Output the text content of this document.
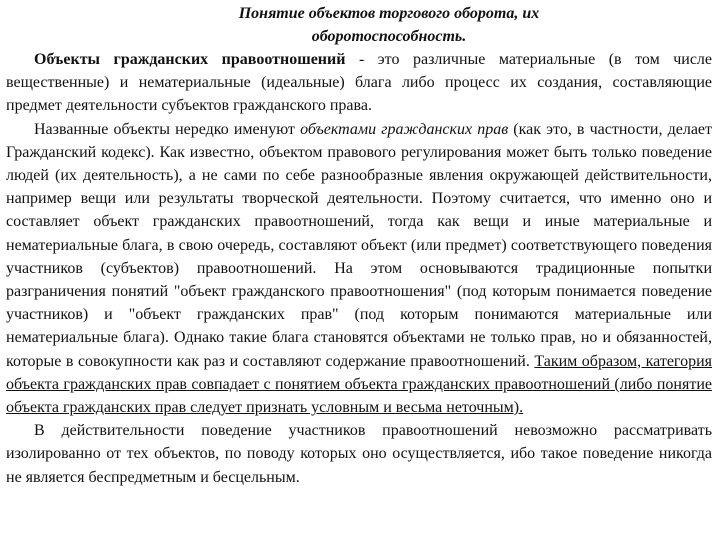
Понятие объектов торгового оборота, их
оборотоспособность.

Объекты гражданских правоотношений - это различные материальные (в том числе вещественные) и нематериальные (идеальные) блага либо процесс их создания, составляющие предмет деятельности субъектов гражданского права.

Названные объекты нередко именуют объектами гражданских прав (как это, в частности, делает Гражданский кодекс). Как известно, объектом правового регулирования может быть только поведение людей (их деятельность), а не сами по себе разнообразные явления окружающей действительности, например вещи или результаты творческой деятельности. Поэтому считается, что именно оно и составляет объект гражданских правоотношений, тогда как вещи и иные материальные и нематериальные блага, в свою очередь, составляют объект (или предмет) соответствующего поведения участников (субъектов) правоотношений. На этом основываются традиционные попытки разграничения понятий "объект гражданского правоотношения" (под которым понимается поведение участников) и "объект гражданских прав" (под которым понимаются материальные или нематериальные блага). Однако такие блага становятся объектами не только прав, но и обязанностей, которые в совокупности как раз и составляют содержание правоотношений. Таким образом, категория объекта гражданских прав совпадает с понятием объекта гражданских правоотношений (либо понятие объекта гражданских прав следует признать условным и весьма неточным).

В действительности поведение участников правоотношений невозможно рассматривать изолированно от тех объектов, по поводу которых оно осуществляется, ибо такое поведение никогда не является беспредметным и бесцельным.
